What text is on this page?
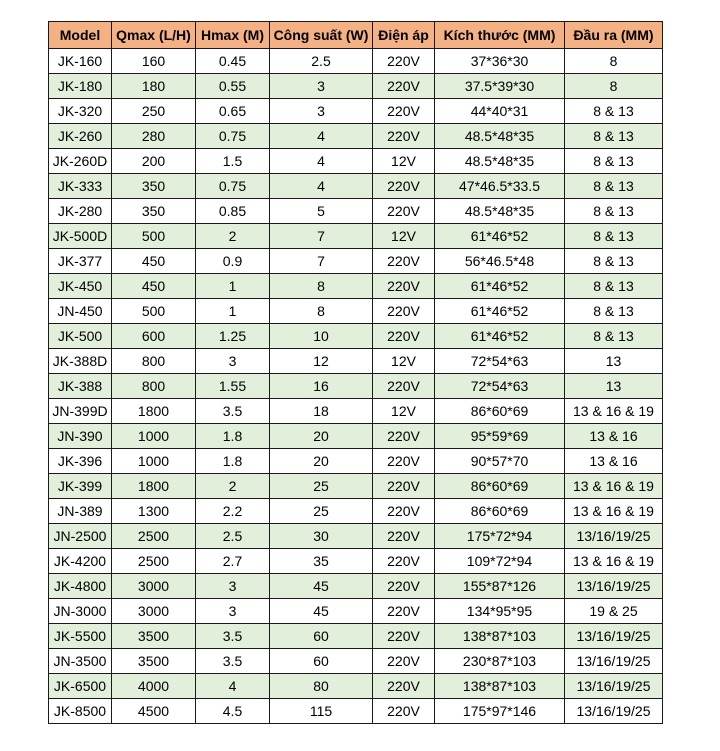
Model	Qmax (L/H)	Hmax (M)	Công suất (W)	Điện áp	Kích thước (MM)	Đầu ra (MM)
JK-160	160	0.45	2.5	220V	37*36*30	8
JK-180	180	0.55	3	220V	37.5*39*30	8
JK-320	250	0.65	3	220V	44*40*31	8 & 13
JK-260	280	0.75	4	220V	48.5*48*35	8 & 13
JK-260D	200	1.5	4	12V	48.5*48*35	8 & 13
JK-333	350	0.75	4	220V	47*46.5*33.5	8 & 13
JK-280	350	0.85	5	220V	48.5*48*35	8 & 13
JK-500D	500	2	7	12V	61*46*52	8 & 13
JK-377	450	0.9	7	220V	56*46.5*48	8 & 13
JK-450	450	1	8	220V	61*46*52	8 & 13
JN-450	500	1	8	220V	61*46*52	8 & 13
JK-500	600	1.25	10	220V	61*46*52	8 & 13
JK-388D	800	3	12	12V	72*54*63	13
JK-388	800	1.55	16	220V	72*54*63	13
JN-399D	1800	3.5	18	12V	86*60*69	13 & 16 & 19
JN-390	1000	1.8	20	220V	95*59*69	13 & 16
JK-396	1000	1.8	20	220V	90*57*70	13 & 16
JK-399	1800	2	25	220V	86*60*69	13 & 16 & 19
JN-389	1300	2.2	25	220V	86*60*69	13 & 16 & 19
JN-2500	2500	2.5	30	220V	175*72*94	13/16/19/25
JK-4200	2500	2.7	35	220V	109*72*94	13 & 16 & 19
JK-4800	3000	3	45	220V	155*87*126	13/16/19/25
JN-3000	3000	3	45	220V	134*95*95	19 & 25
JK-5500	3500	3.5	60	220V	138*87*103	13/16/19/25
JN-3500	3500	3.5	60	220V	230*87*103	13/16/19/25
JK-6500	4000	4	80	220V	138*87*103	13/16/19/25
JK-8500	4500	4.5	115	220V	175*97*146	13/16/19/25
